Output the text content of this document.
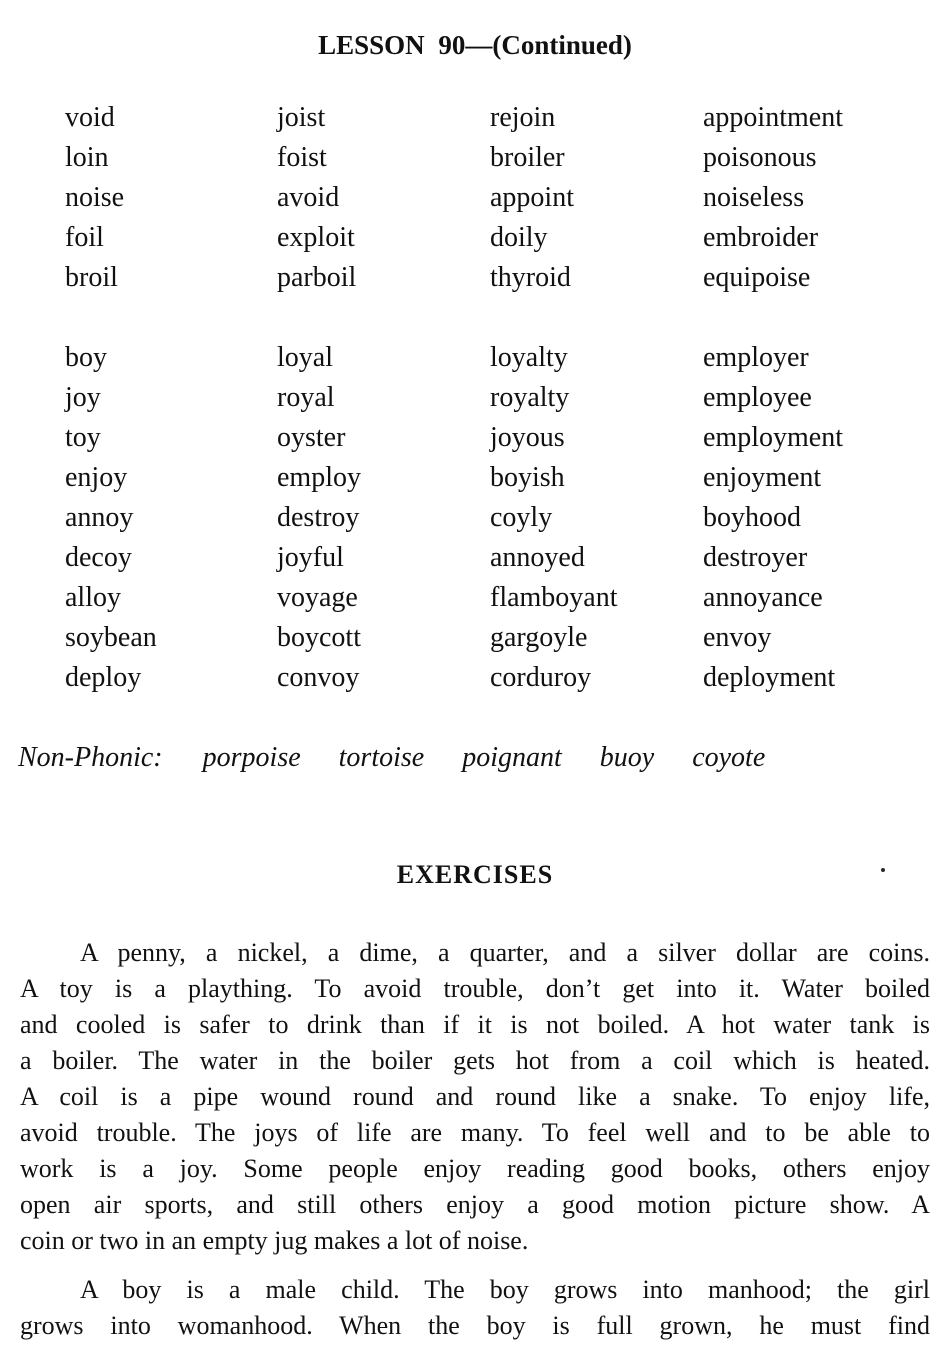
LESSON 90—(Continued)
void	joist	rejoin	appointment
loin	foist	broiler	poisonous
noise	avoid	appoint	noiseless
foil	exploit	doily	embroider
broil	parboil	thyroid	equipoise
boy	loyal	loyalty	employer
joy	royal	royalty	employee
toy	oyster	joyous	employment
enjoy	employ	boyish	enjoyment
annoy	destroy	coyly	boyhood
decoy	joyful	annoyed	destroyer
alloy	voyage	flamboyant	annoyance
soybean	boycott	gargoyle	envoy
deploy	convoy	corduroy	deployment
Non-Phonic: porpoise tortoise poignant buoy coyote
EXERCISES
A penny, a nickel, a dime, a quarter, and a silver dollar are coins.
A toy is a plaything. To avoid trouble, don’t get into it. Water boiled
and cooled is safer to drink than if it is not boiled. A hot water tank is
a boiler. The water in the boiler gets hot from a coil which is heated.
A coil is a pipe wound round and round like a snake. To enjoy life,
avoid trouble. The joys of life are many. To feel well and to be able to
work is a joy. Some people enjoy reading good books, others enjoy
open air sports, and still others enjoy a good motion picture show. A
coin or two in an empty jug makes a lot of noise.
A boy is a male child. The boy grows into manhood; the girl
grows into womanhood. When the boy is full grown, he must find
